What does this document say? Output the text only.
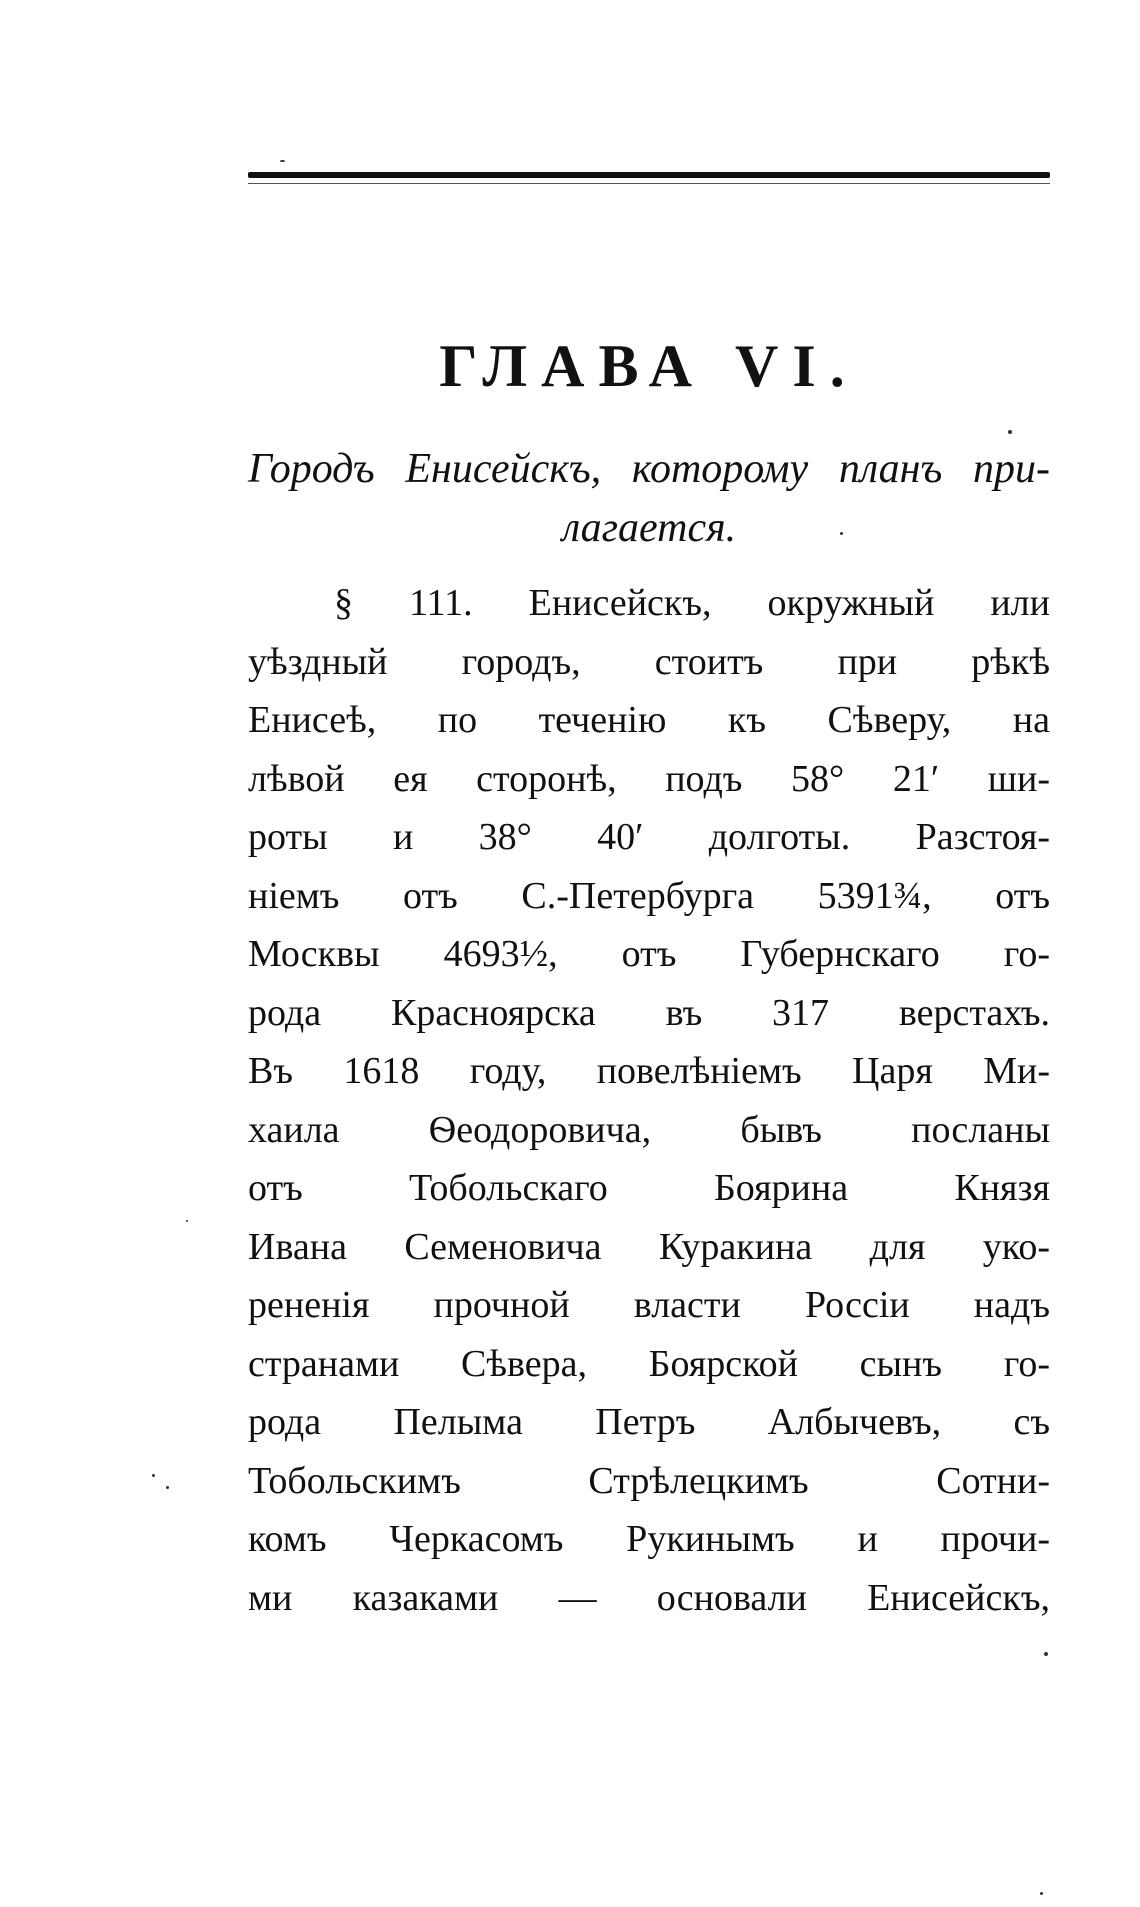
ГЛАВА VI.
Городъ Енисейскъ, которому планъ при-
лагается.
§ 111. Енисейскъ, окружный или
уѣздный городъ, стоитъ при рѣкѣ
Енисеѣ, по теченію къ Сѣверу, на
лѣвой ея сторонѣ, подъ 58° 21′ ши-
роты и 38° 40′ долготы. Разстоя-
ніемъ отъ С.-Петербурга 5391¾, отъ
Москвы 4693½, отъ Губернскаго го-
рода Красноярска въ 317 верстахъ.
Въ 1618 году, повелѣніемъ Царя Ми-
хаила Ѳеодоровича, бывъ посланы
отъ Тобольскаго Боярина Князя
Ивана Семеновича Куракина для уко-
рененія прочной власти Россіи надъ
странами Сѣвера, Боярской сынъ го-
рода Пелыма Петръ Албычевъ, съ
Тобольскимъ Стрѣлецкимъ Сотни-
комъ Черкасомъ Рукинымъ и прочи-
ми казаками — основали Енисейскъ,
